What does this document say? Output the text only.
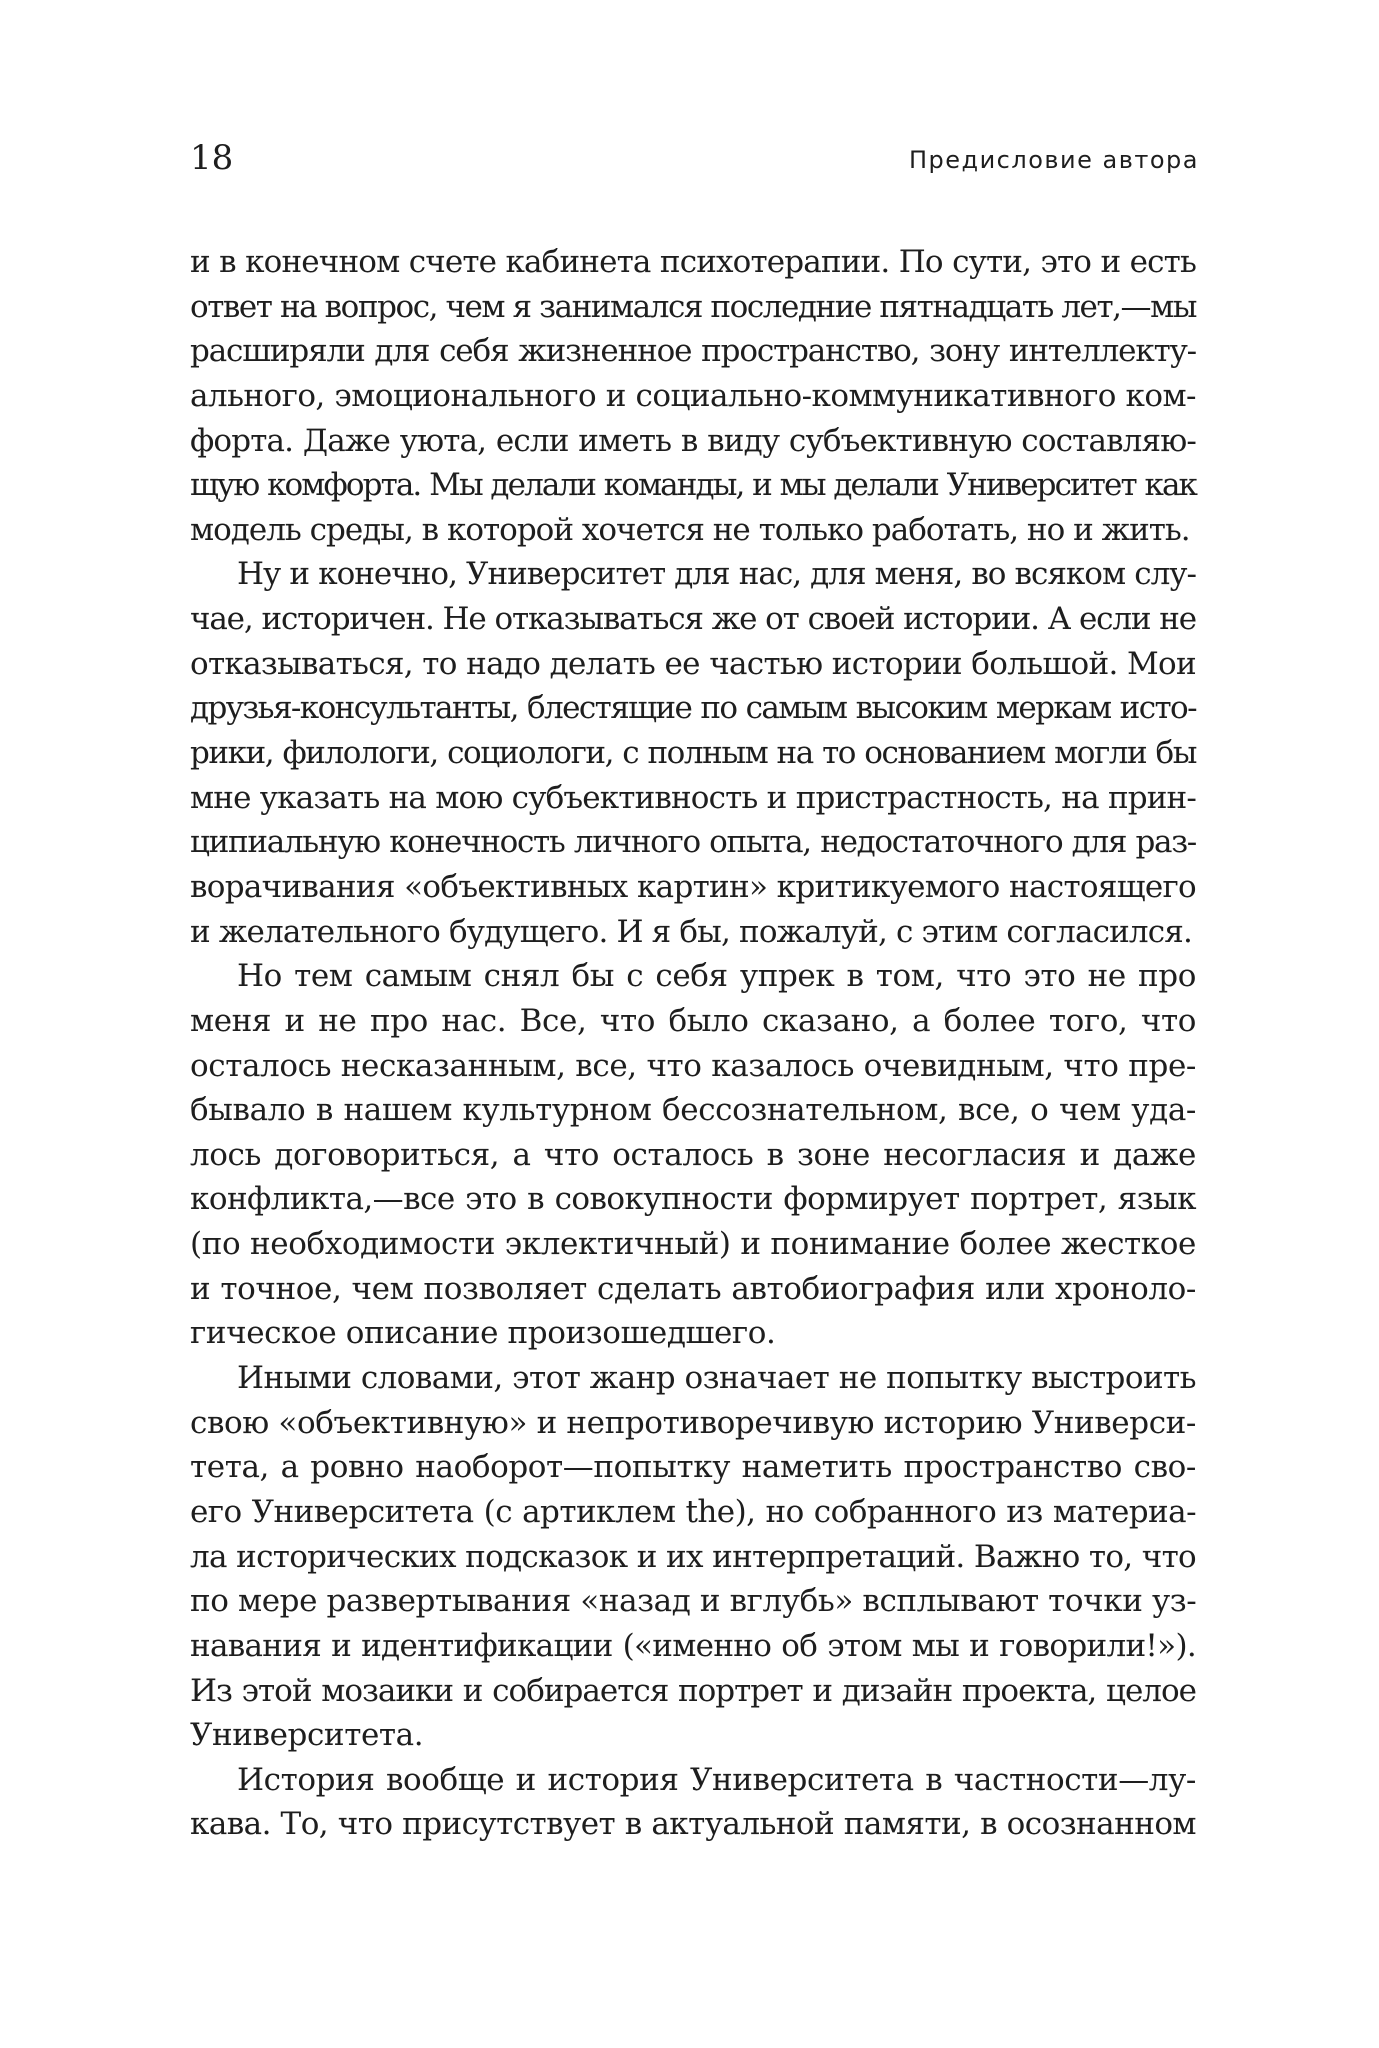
18	Предисловие автора
и в конечном счете кабинета психотерапии. По сути, это и есть
ответ на вопрос, чем я занимался последние пятнадцать лет,—мы
расширяли для себя жизненное пространство, зону интеллекту-
ального, эмоционального и социально-коммуникативного ком-
форта. Даже уюта, если иметь в виду субъективную составляю-
щую комфорта. Мы делали команды, и мы делали Университет как
модель среды, в которой хочется не только работать, но и жить.
Ну и конечно, Университет для нас, для меня, во всяком слу-
чае, историчен. Не отказываться же от своей истории. А если не
отказываться, то надо делать ее частью истории большой. Мои
друзья-консультанты, блестящие по самым высоким меркам исто-
рики, филологи, социологи, с полным на то основанием могли бы
мне указать на мою субъективность и пристрастность, на прин-
ципиальную конечность личного опыта, недостаточного для раз-
ворачивания «объективных картин» критикуемого настоящего
и желательного будущего. И я бы, пожалуй, с этим согласился.
Но тем самым снял бы с себя упрек в том, что это не про
меня и не про нас. Все, что было сказано, а более того, что
осталось несказанным, все, что казалось очевидным, что пре-
бывало в нашем культурном бессознательном, все, о чем уда-
лось договориться, а что осталось в зоне несогласия и даже
конфликта,—все это в совокупности формирует портрет, язык
(по необходимости эклектичный) и понимание более жесткое
и точное, чем позволяет сделать автобиография или хроноло-
гическое описание произошедшего.
Иными словами, этот жанр означает не попытку выстроить
свою «объективную» и непротиворечивую историю Универси-
тета, а ровно наоборот—попытку наметить пространство сво-
его Университета (с артиклем the), но собранного из материа-
ла исторических подсказок и их интерпретаций. Важно то, что
по мере развертывания «назад и вглубь» всплывают точки уз-
навания и идентификации («именно об этом мы и говорили!»).
Из этой мозаики и собирается портрет и дизайн проекта, целое
Университета.
История вообще и история Университета в частности—лу-
кава. То, что присутствует в актуальной памяти, в осознанном
